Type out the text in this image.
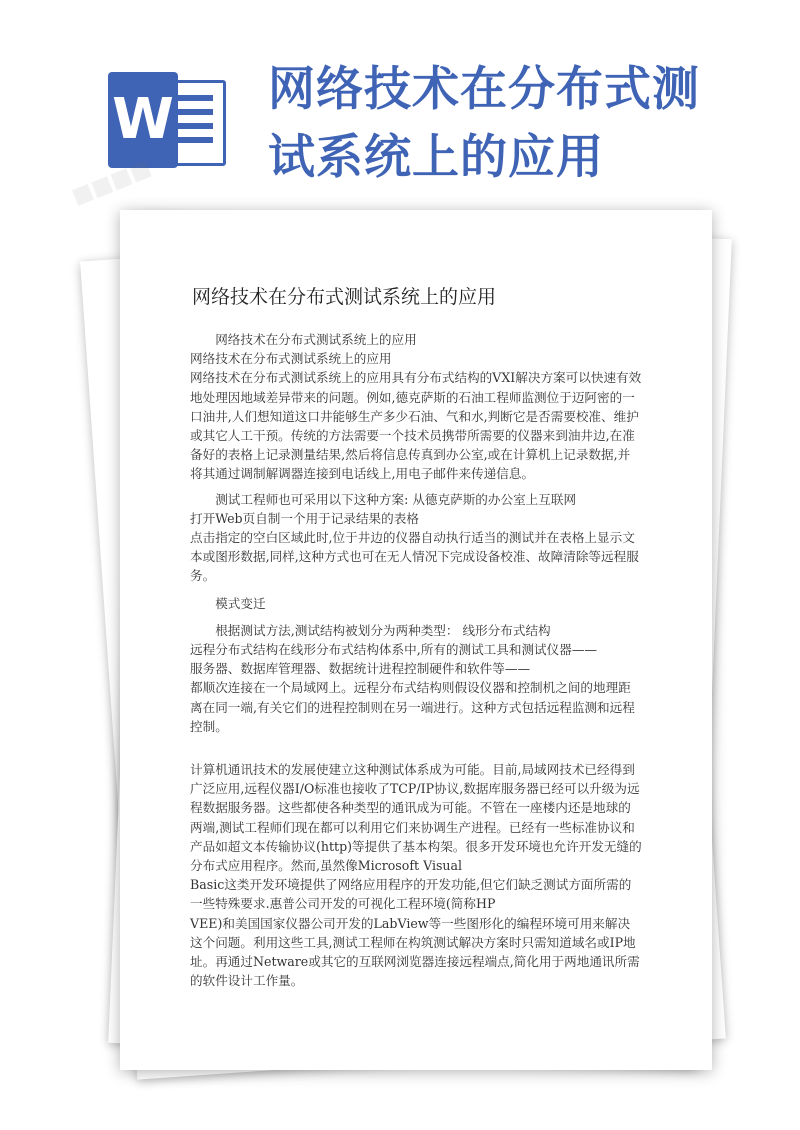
W 网络技术在分布式测试系统上的应用
■■■■
网络技术在分布式测试系统上的应用

网络技术在分布式测试系统上的应用

网络技术在分布式测试系统上的应用

网络技术在分布式测试系统上的应用具有分布式结构的VXI解决方案可以快速有效地处理因地域差异带来的问题。例如,德克萨斯的石油工程师监测位于迈阿密的一口油井,人们想知道这口井能够生产多少石油、气和水,判断它是否需要校准、维护或其它人工干预。传统的方法需要一个技术员携带所需要的仪器来到油井边,在准备好的表格上记录测量结果,然后将信息传真到办公室,或在计算机上记录数据,并将其通过调制解调器连接到电话线上,用电子邮件来传递信息。

测试工程师也可采用以下这种方案: 从德克萨斯的办公室上互联网

打开Web页自制一个用于记录结果的表格

点击指定的空白区域此时,位于井边的仪器自动执行适当的测试并在表格上显示文本或图形数据,同样,这种方式也可在无人情况下完成设备校准、故障清除等远程服务。

模式变迁

根据测试方法,测试结构被划分为两种类型： 线形分布式结构

远程分布式结构在线形分布式结构体系中,所有的测试工具和测试仪器——

服务器、数据库管理器、数据统计进程控制硬件和软件等——

都顺次连接在一个局域网上。远程分布式结构则假设仪器和控制机之间的地理距离在同一端,有关它们的进程控制则在另一端进行。这种方式包括远程监测和远程控制。

计算机通讯技术的发展使建立这种测试体系成为可能。目前,局域网技术已经得到广泛应用,远程仪器I/O标准也接收了TCP/IP协议,数据库服务器已经可以升级为远程数据服务器。这些都使各种类型的通讯成为可能。不管在一座楼内还是地球的两端,测试工程师们现在都可以利用它们来协调生产进程。已经有一些标准协议和产品如超文本传输协议(http)等提供了基本构架。很多开发环境也允许开发无缝的分布式应用程序。然而,虽然像Microsoft Visual

Basic这类开发环境提供了网络应用程序的开发功能,但它们缺乏测试方面所需的一些特殊要求.惠普公司开发的可视化工程环境(简称HP

VEE)和美国国家仪器公司开发的LabView等一些图形化的编程环境可用来解决这个问题。利用这些工具,测试工程师在构筑测试解决方案时只需知道域名或IP地址。再通过Netware或其它的互联网浏览器连接远程端点,简化用于两地通讯所需的软件设计工作量。
